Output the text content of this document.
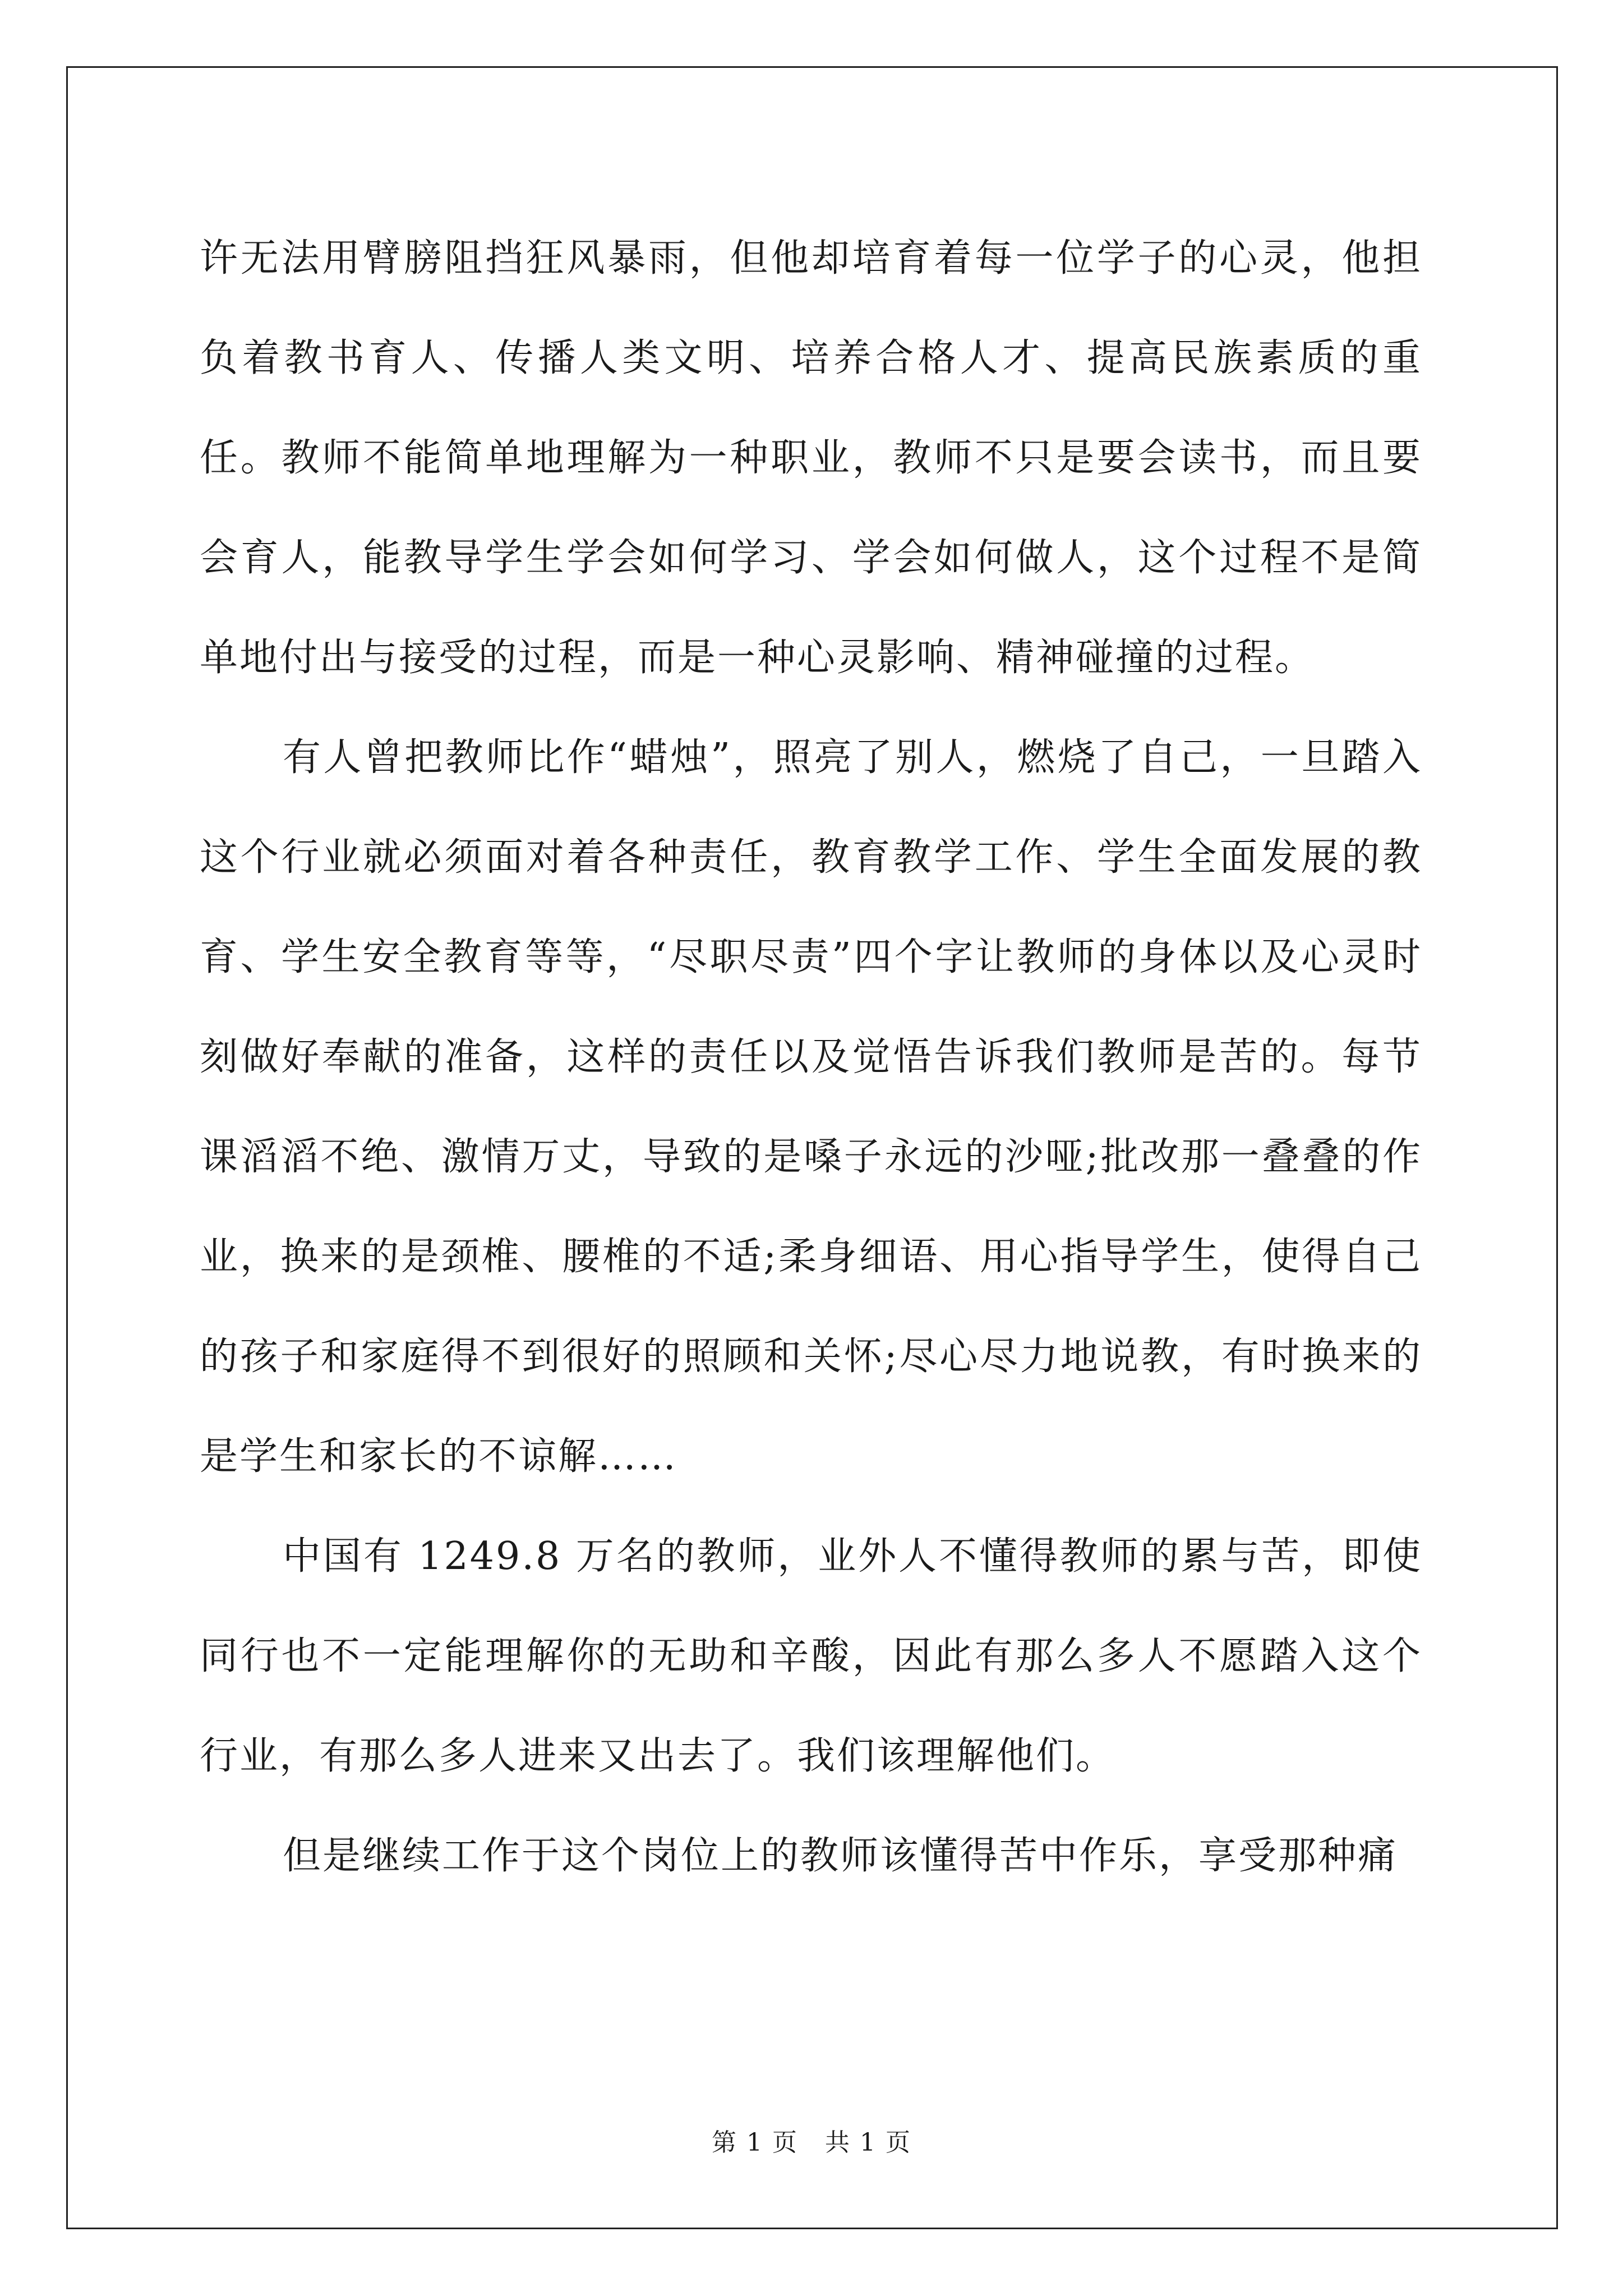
许无法用臂膀阻挡狂风暴雨，但他却培育着每一位学子的心灵，他担负着教书育人、传播人类文明、培养合格人才、提高民族素质的重任。教师不能简单地理解为一种职业，教师不只是要会读书，而且要会育人，能教导学生学会如何学习、学会如何做人，这个过程不是简单地付出与接受的过程，而是一种心灵影响、精神碰撞的过程。

有人曾把教师比作“蜡烛”，照亮了别人，燃烧了自己，一旦踏入这个行业就必须面对着各种责任，教育教学工作、学生全面发展的教育、学生安全教育等等，“尽职尽责”四个字让教师的身体以及心灵时刻做好奉献的准备，这样的责任以及觉悟告诉我们教师是苦的。每节课滔滔不绝、激情万丈，导致的是嗓子永远的沙哑;批改那一叠叠的作业，换来的是颈椎、腰椎的不适;柔身细语、用心指导学生，使得自己的孩子和家庭得不到很好的照顾和关怀;尽心尽力地说教，有时换来的是学生和家长的不谅解……

中国有 1249.8 万名的教师，业外人不懂得教师的累与苦，即使同行也不一定能理解你的无助和辛酸，因此有那么多人不愿踏入这个行业，有那么多人进来又出去了。我们该理解他们。

但是继续工作于这个岗位上的教师该懂得苦中作乐，享受那种痛

第 1 页 共 1 页
